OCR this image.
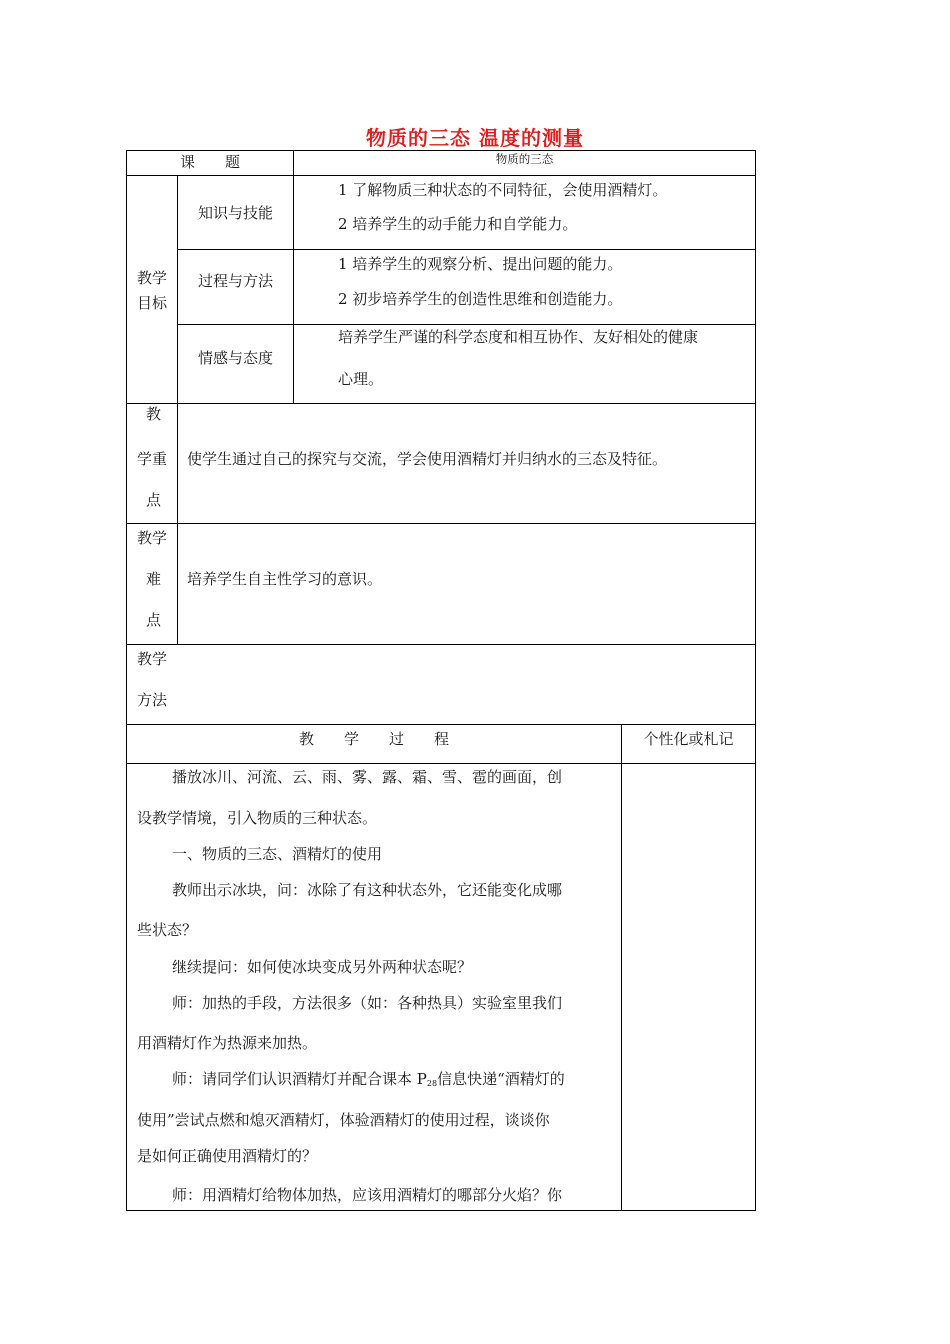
物质的三态 温度的测量
课　　题	物质的三态
教学
目标
知识与技能
1 了解物质三种状态的不同特征，会使用酒精灯。
2 培养学生的动手能力和自学能力。
过程与方法
1 培养学生的观察分析、提出问题的能力。
2 初步培养学生的创造性思维和创造能力。
情感与态度
培养学生严谨的科学态度和相互协作、友好相处的健康
心理。
教
学重
点
使学生通过自己的探究与交流，学会使用酒精灯并归纳水的三态及特征。
教学
难
点
培养学生自主性学习的意识。
教学
方法
教　　学　　过　　程	个性化或札记
播放冰川、河流、云、雨、雾、露、霜、雪、雹的画面，创
设教学情境，引入物质的三种状态。
一、物质的三态、酒精灯的使用
教师出示冰块，问：冰除了有这种状态外，它还能变化成哪
些状态？
继续提问：如何使冰块变成另外两种状态呢？
师：加热的手段，方法很多（如：各种热具）实验室里我们
用酒精灯作为热源来加热。
师：请同学们认识酒精灯并配合课本 $P_{28}$信息快递“酒精灯的
使用”尝试点燃和熄灭酒精灯，体验酒精灯的使用过程，谈谈你
是如何正确使用酒精灯的？
师：用酒精灯给物体加热，应该用酒精灯的哪部分火焰？你
